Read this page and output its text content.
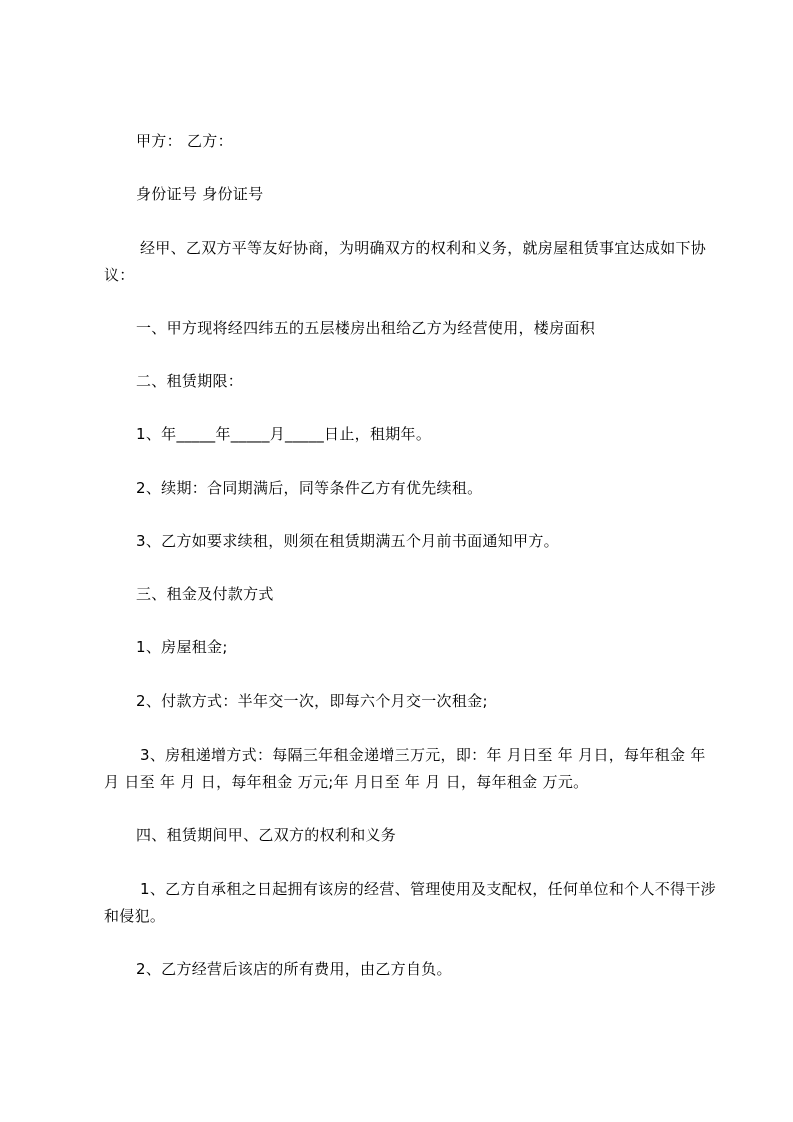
甲方： 乙方：
身份证号 身份证号
经甲、乙双方平等友好协商，为明确双方的权利和义务，就房屋租赁事宜达成如下协议：
一、甲方现将经四纬五的五层楼房出租给乙方为经营使用，楼房面积
二、租赁期限：
1、年_____年_____月_____日止，租期年。
2、续期：合同期满后，同等条件乙方有优先续租。
3、乙方如要求续租，则须在租赁期满五个月前书面通知甲方。
三、租金及付款方式
1、房屋租金;
2、付款方式：半年交一次，即每六个月交一次租金;
3、房租递增方式：每隔三年租金递增三万元，即：年 月日至 年 月日，每年租金 年 月 日至 年 月 日，每年租金 万元;年 月日至 年 月 日，每年租金 万元。
四、租赁期间甲、乙双方的权利和义务
1、乙方自承租之日起拥有该房的经营、管理使用及支配权，任何单位和个人不得干涉和侵犯。
2、乙方经营后该店的所有费用，由乙方自负。
